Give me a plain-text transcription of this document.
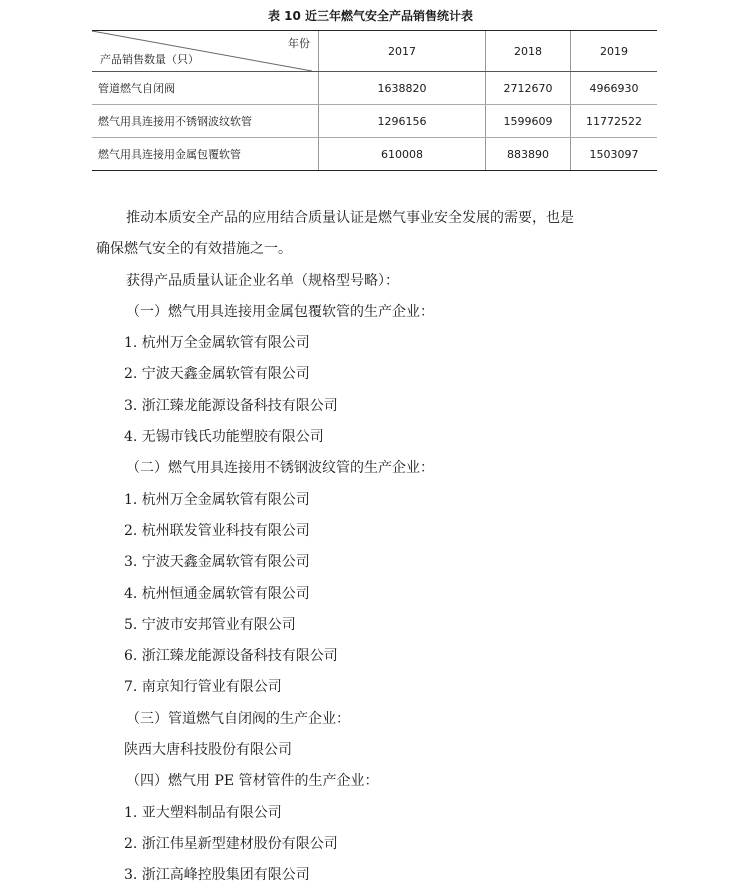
表 10 近三年燃气安全产品销售统计表
年份
产品销售数量（只）	2017	2018	2019
管道燃气自闭阀	1638820	2712670	4966930
燃气用具连接用不锈钢波纹软管	1296156	1599609	11772522
燃气用具连接用金属包覆软管	610008	883890	1503097

推动本质安全产品的应用结合质量认证是燃气事业安全发展的需要，也是

确保燃气安全的有效措施之一。

获得产品质量认证企业名单（规格型号略）：

（一）燃气用具连接用金属包覆软管的生产企业：

1. 杭州万全金属软管有限公司

2. 宁波天鑫金属软管有限公司

3. 浙江臻龙能源设备科技有限公司

4. 无锡市钱氏功能塑胶有限公司

（二）燃气用具连接用不锈钢波纹管的生产企业：

1. 杭州万全金属软管有限公司

2. 杭州联发管业科技有限公司

3. 宁波天鑫金属软管有限公司

4. 杭州恒通金属软管有限公司

5. 宁波市安邦管业有限公司

6. 浙江臻龙能源设备科技有限公司

7. 南京知行管业有限公司

（三）管道燃气自闭阀的生产企业：

陕西大唐科技股份有限公司

（四）燃气用 PE 管材管件的生产企业：

1. 亚大塑料制品有限公司

2. 浙江伟星新型建材股份有限公司

3. 浙江高峰控股集团有限公司
